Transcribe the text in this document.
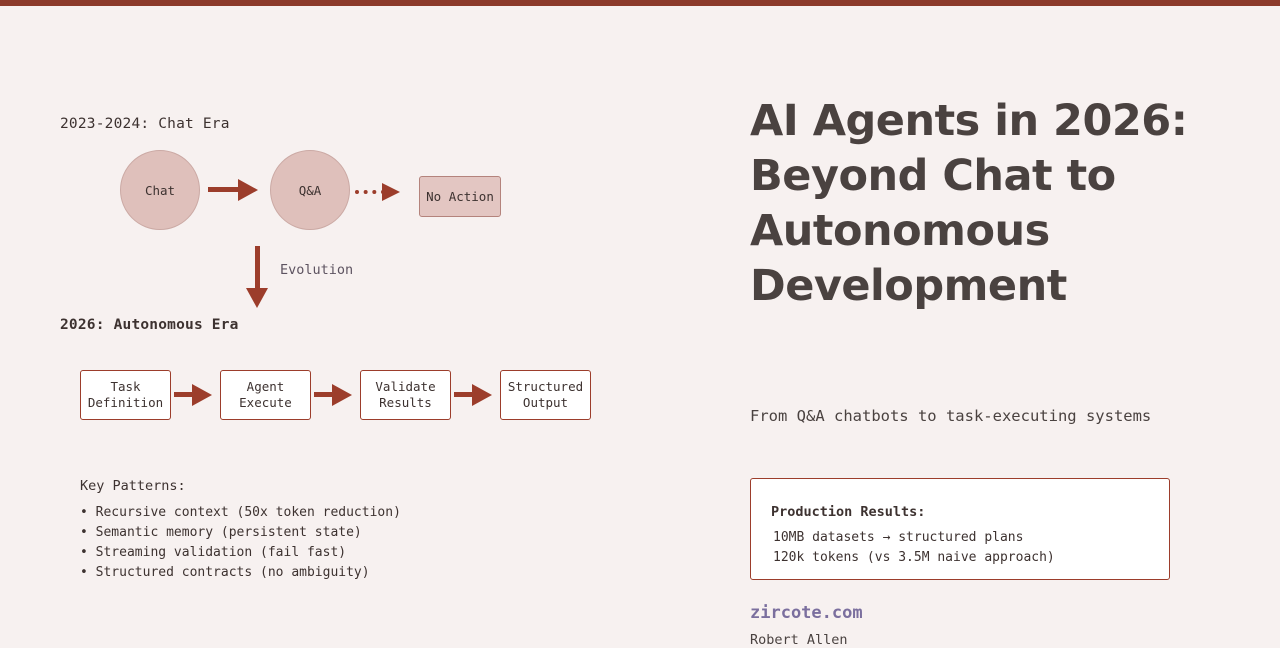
2023-2024: Chat Era
Chat	Q&A	No Action
Evolution
2026: Autonomous Era
Task
Definition
Agent
Execute
Validate
Results
Structured
Output
Key Patterns:
• Recursive context (50x token reduction)
• Semantic memory (persistent state)
• Streaming validation (fail fast)
• Structured contracts (no ambiguity)
AI Agents in 2026: Beyond Chat to Autonomous Development
From Q&A chatbots to task-executing systems
Production Results:
10MB datasets → structured plans
120k tokens (vs 3.5M naive approach)
zircote.com
Robert Allen
